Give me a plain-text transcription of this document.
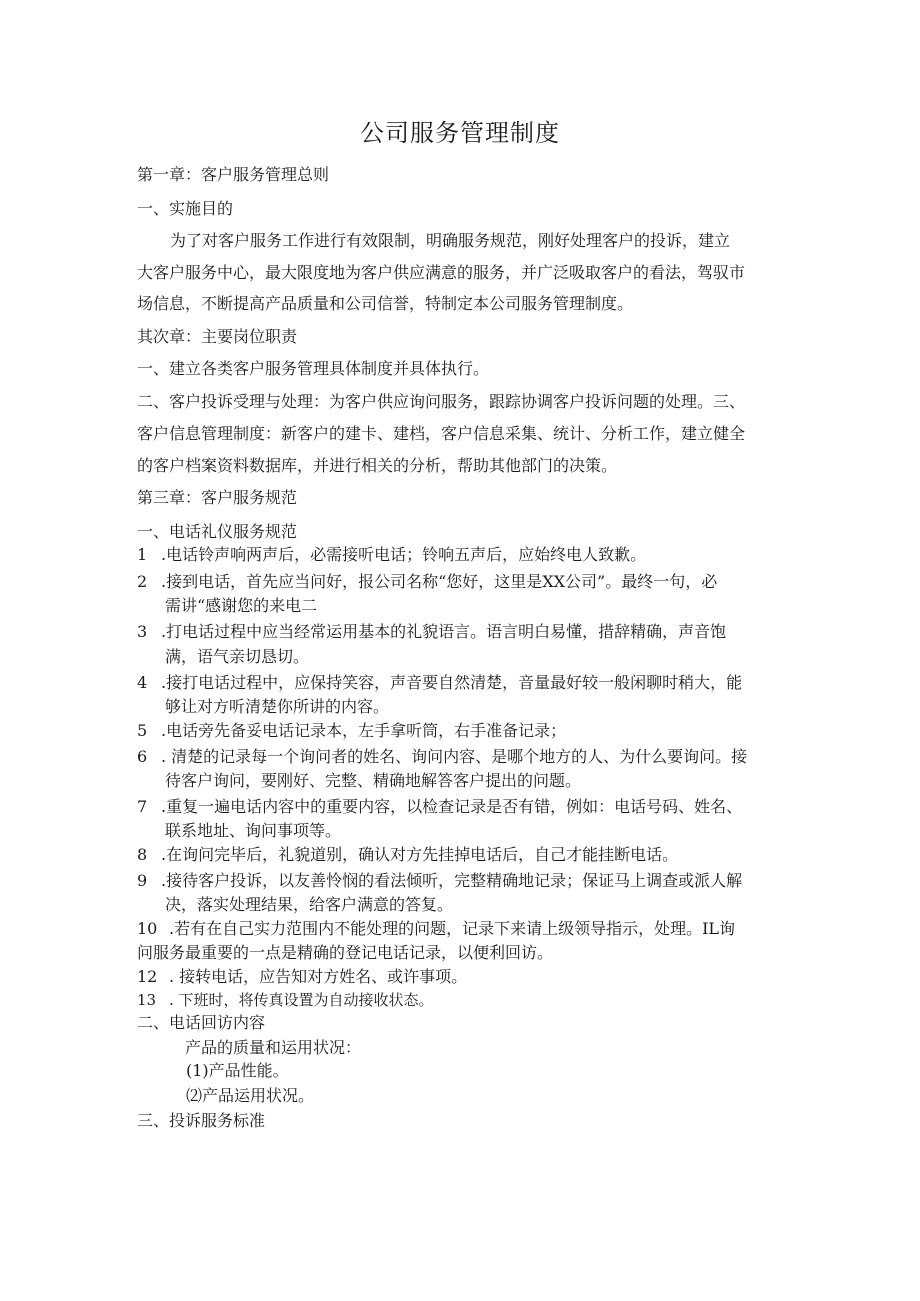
公司服务管理制度
第一章：客户服务管理总则
一、实施目的
为了对客户服务工作进行有效限制，明确服务规范，刚好处理客户的投诉，建立
大客户服务中心，最大限度地为客户供应满意的服务，并广泛吸取客户的看法，驾驭市
场信息，不断提高产品质量和公司信誉，特制定本公司服务管理制度。
其次章：主要岗位职责
一、建立各类客户服务管理具体制度并具体执行。
二、客户投诉受理与处理：为客户供应询问服务，跟踪协调客户投诉问题的处理。三、
客户信息管理制度：新客户的建卡、建档，客户信息采集、统计、分析工作，建立健全
的客户档案资料数据库，并进行相关的分析，帮助其他部门的决策。
第三章：客户服务规范
一、电话礼仪服务规范
1 .电话铃声响两声后，必需接听电话；铃响五声后，应始终电人致歉。
2 .接到电话，首先应当问好，报公司名称“您好，这里是XX公司”。最终一句，必
需讲“感谢您的来电二
3 .打电话过程中应当经常运用基本的礼貌语言。语言明白易懂，措辞精确，声音饱
满，语气亲切恳切。
4 .接打电话过程中，应保持笑容，声音要自然清楚，音量最好较一般闲聊时稍大，能
够让对方听清楚你所讲的内容。
5 .电话旁先备妥电话记录本，左手拿听筒，右手准备记录；
6 . 清楚的记录每一个询问者的姓名、询问内容、是哪个地方的人、为什么要询问。接
待客户询问，要刚好、完整、精确地解答客户提出的问题。
7 .重复一遍电话内容中的重要内容，以检查记录是否有错，例如：电话号码、姓名、
联系地址、询问事项等。
8 .在询问完毕后，礼貌道别，确认对方先挂掉电话后，自己才能挂断电话。
9 .接待客户投诉，以友善怜悯的看法倾听，完整精确地记录；保证马上调查或派人解
决，落实处理结果，给客户满意的答复。
10 .若有在自己实力范围内不能处理的问题，记录下来请上级领导指示，处理。IL询
问服务最重要的一点是精确的登记电话记录，以便利回访。
12 . 接转电话，应告知对方姓名、或许事项。
13 . 下班时，将传真设置为自动接收状态。
二、电话回访内容
产品的质量和运用状况：
(1)产品性能。
⑵产品运用状况。
三、投诉服务标准
